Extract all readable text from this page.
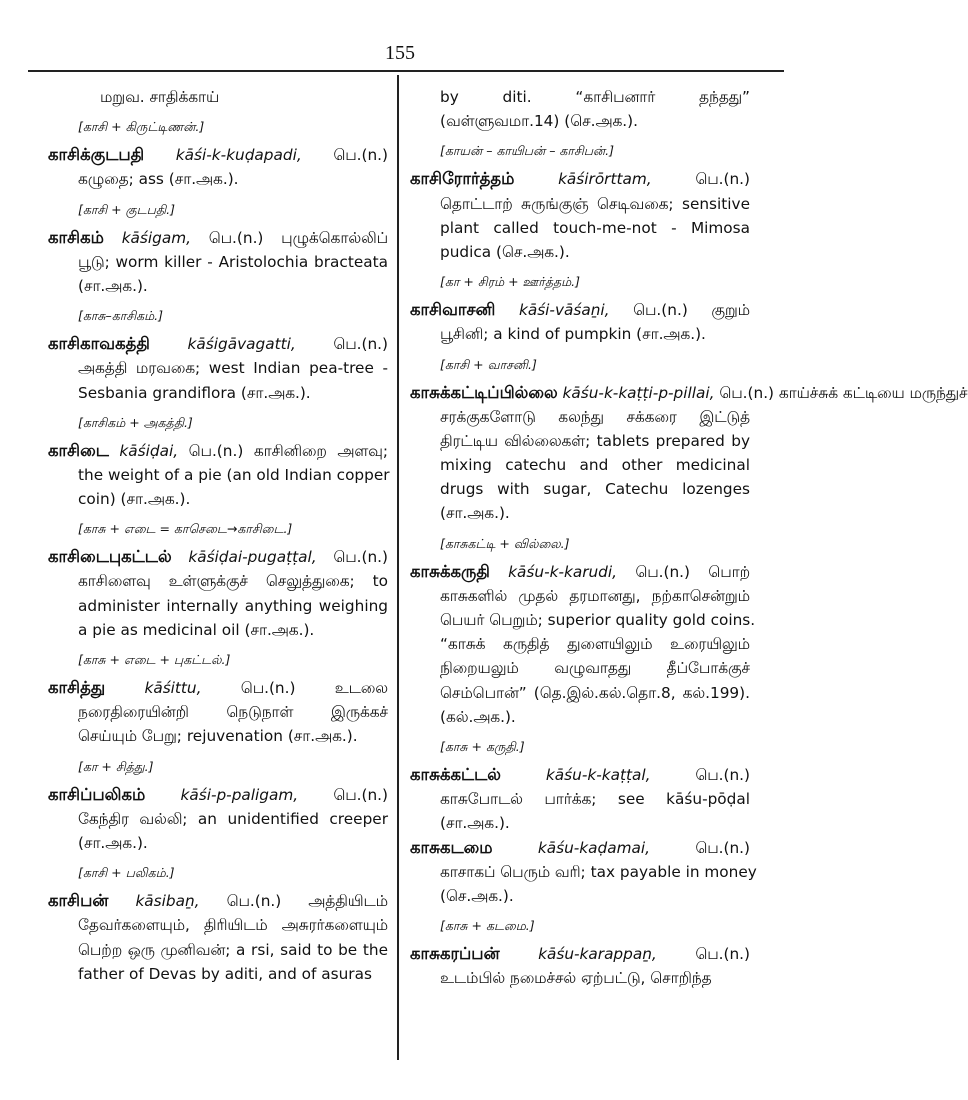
155
மறுவ. சாதிக்காய்
[காசி + கிருட்டிணன்.]
காசிக்குடபதி kāśi-k-kuḍapadi, பெ.(n.)
கழுதை; ass (சா.அக.).
[காசி + குடபதி.]
காசிகம் kāśigam, பெ.(n.) புழுக்கொல்லிப்
பூடு; worm killer - Aristolochia bracteata
(சா.அக.).
[காசு–காசிகம்.]
காசிகாவகத்தி kāśigāvagatti, பெ.(n.)
அகத்தி மரவகை; west Indian pea-tree -
Sesbania grandiflora (சா.அக.).
[காசிகம் + அகத்தி.]
காசிடை kāśiḍai, பெ.(n.) காசினிறை அளவு;
the weight of a pie (an old Indian copper
coin) (சா.அக.).
[காசு + எடை = காசெடை→காசிடை.]
காசிடைபுகட்டல் kāśiḍai-pugaṭṭal, பெ.(n.)
காசிளைவு உள்ளுக்குச் செலுத்துகை; to
administer internally anything weighing
a pie as medicinal oil (சா.அக.).
[காசு + எடை + புகட்டல்.]
காசித்து	kāśittu,	பெ.(n.) உடலை
நரைதிரையின்றி நெடுநாள் இருக்கச்
செய்யும் பேறு; rejuvenation (சா.அக.).
[கா + சித்து.]
காசிப்பலிகம் kāśi-p-paligam, பெ.(n.)
கேந்திர வல்லி; an unidentified creeper
(சா.அக.).
[காசி + பலிகம்.]
காசிபன் kāsibaṉ, பெ.(n.) அத்தியிடம்
தேவர்களையும், திரியிடம் அசுரர்களையும்
பெற்ற ஒரு முனிவன்; a rsi, said to be the
father of Devas by aditi, and of asuras
by diti. “காசிபனார் தந்தது”
(வள்ளுவமா.14) (செ.அக.).
[காயன் – காயிபன் – காசிபன்.]
காசிரோர்த்தம்	kāśirōrttam,	பெ.(n.)
தொட்டாற் சுருங்குஞ் செடிவகை; sensitive
plant called touch-me-not - Mimosa
pudica (செ.அக.).
[கா + சிரம் + ஊர்த்தம்.]
காசிவாசனி kāśi-vāśaṉi, பெ.(n.) குறும்
பூசினி; a kind of pumpkin (சா.அக.).
[காசி + வாசனி.]
காசுக்கட்டிப்பில்லை kāśu-k-kaṭṭi-p-pillai, பெ.(n.) காய்ச்சுக் கட்டியை மருந்துச்
சரக்குகளோடு கலந்து சக்கரை இட்டுத்
திரட்டிய வில்லைகள்; tablets prepared by
mixing catechu and other medicinal
drugs with sugar, Catechu lozenges
(சா.அக.).
[காசுகட்டி + வில்லை.]
காசுக்கருதி kāśu-k-karudi, பெ.(n.) பொற்
காசுகளில் முதல் தரமானது, நற்காசென்றும்
பெயர் பெறும்; superior quality gold coins.
“காசுக் கருதித் துளையிலும் உரையிலும்
நிறையலும் வழுவாதது தீப்போக்குச்
செம்பொன்” (தெ.இல்.கல்.தொ.8, கல்.199).
(கல்.அக.).
[காசு + கருதி.]
காசுக்கட்டல்	kāśu-k-kaṭṭal,	பெ.(n.)
காசுபோடல் பார்க்க; see kāśu-pōḍal
(சா.அக.).
காசுகடமை	kāśu-kaḍamai,	பெ.(n.)
காசாகப் பெரும் வரி; tax payable in money
(செ.அக.).
[காசு + கடமை.]
காசுகரப்பன்	kāśu-karappaṉ,	பெ.(n.)
உடம்பில் நமைச்சல் ஏற்பட்டு, சொறிந்த
